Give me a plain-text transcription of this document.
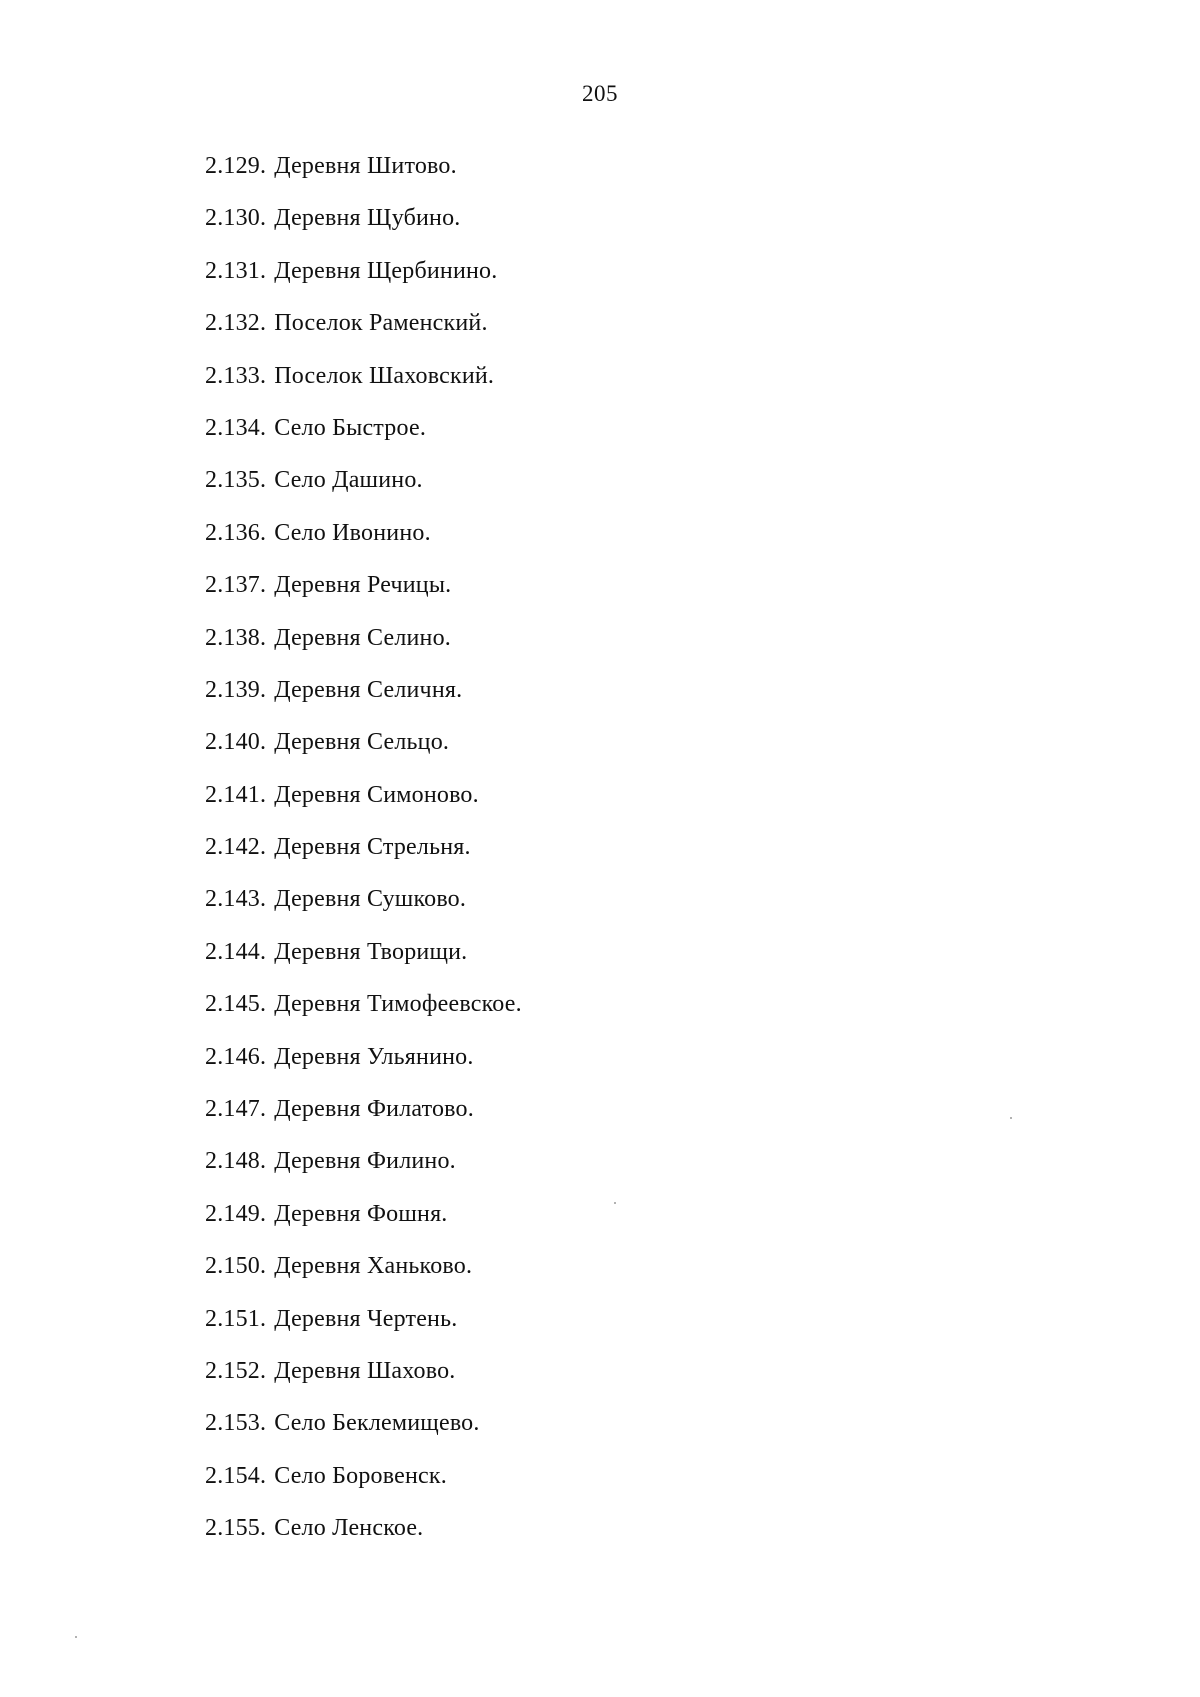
205
2.129. Деревня Шитово.
2.130. Деревня Щубино.
2.131. Деревня Щербинино.
2.132. Поселок Раменский.
2.133. Поселок Шаховский.
2.134. Село Быстрое.
2.135. Село Дашино.
2.136. Село Ивонино.
2.137. Деревня Речицы.
2.138. Деревня Селино.
2.139. Деревня Селичня.
2.140. Деревня Сельцо.
2.141. Деревня Симоново.
2.142. Деревня Стрельня.
2.143. Деревня Сушково.
2.144. Деревня Творищи.
2.145. Деревня Тимофеевское.
2.146. Деревня Ульянино.
2.147. Деревня Филатово.
2.148. Деревня Филино.
2.149. Деревня Фошня.
2.150. Деревня Ханьково.
2.151. Деревня Чертень.
2.152. Деревня Шахово.
2.153. Село Беклемищево.
2.154. Село Боровенск.
2.155. Село Ленское.
